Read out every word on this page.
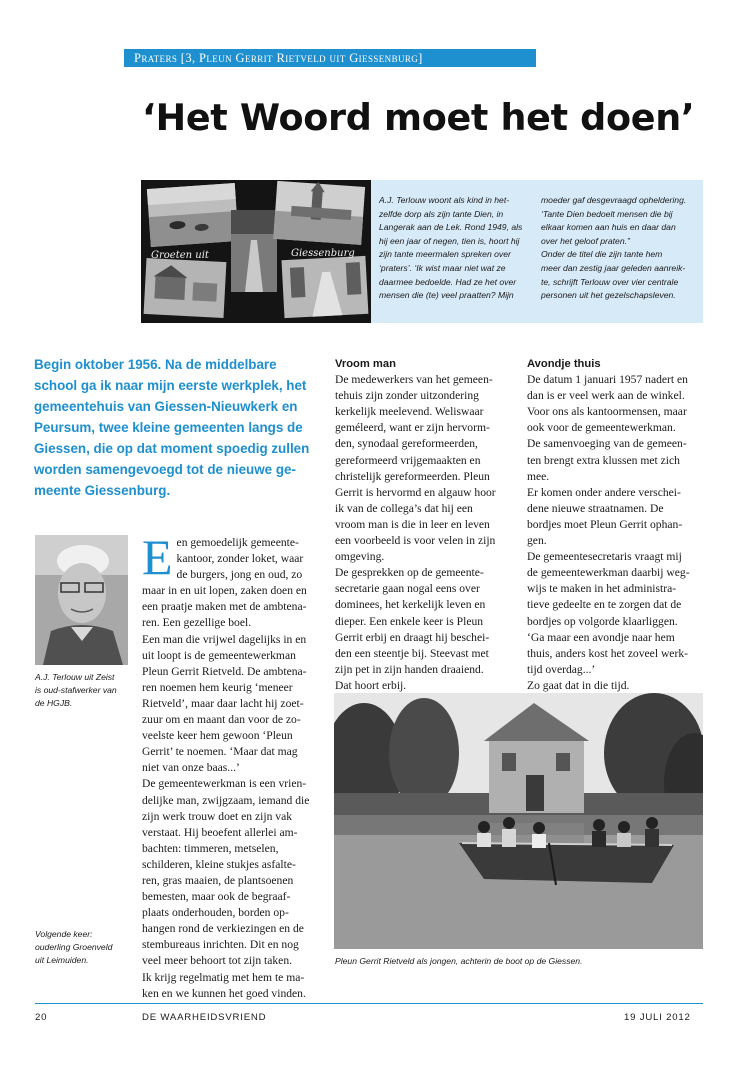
Praters [3, Pleun Gerrit Rietveld uit Giessenburg]
‘Het Woord moet het doen’
Groeten uit	Giessenburg
A.J. Terlouw woont als kind in het-
zelfde dorp als zijn tante Dien, in
Langerak aan de Lek. Rond 1949, als
hij een jaar of negen, tien is, hoort hij
zijn tante meermalen spreken over
‘praters’. ‘Ik wist maar niet wat ze
daarmee bedoelde. Had ze het over
mensen die (te) veel praatten? Mijn
moeder gaf desgevraagd opheldering.
‘Tante Dien bedoelt mensen die bij
elkaar komen aan huis en daar dan
over het geloof praten.”
Onder de titel die zijn tante hem
meer dan zestig jaar geleden aanreik-
te, schrijft Terlouw over vier centrale
personen uit het gezelschapsleven.
Begin oktober 1956. Na de middelbare
school ga ik naar mijn eerste werkplek, het
gemeentehuis van Giessen-Nieuwkerk en
Peursum, twee kleine gemeenten langs de
Giessen, die op dat moment spoedig zullen
worden samengevoegd tot de nieuwe ge-
meente Giessenburg.
A.J. Terlouw uit Zeist
is oud-stafwerker van
de HGJB.
Volgende keer:
ouderling Groenveld
uit Leimuiden.
E en gemoedelijk gemeente-
kantoor, zonder loket, waar
de burgers, jong en oud, zo
maar in en uit lopen, zaken doen en
een praatje maken met de ambtena-
ren. Een gezellige boel.
Een man die vrijwel dagelijks in en
uit loopt is de gemeentewerkman
Pleun Gerrit Rietveld. De ambtena-
ren noemen hem keurig ‘meneer
Rietveld’, maar daar lacht hij zoet-
zuur om en maant dan voor de zo-
veelste keer hem gewoon ‘Pleun
Gerrit’ te noemen. ‘Maar dat mag
niet van onze baas...’
De gemeentewerkman is een vrien-
delijke man, zwijgzaam, iemand die
zijn werk trouw doet en zijn vak
verstaat. Hij beoefent allerlei am-
bachten: timmeren, metselen,
schilderen, kleine stukjes asfalte-
ren, gras maaien, de plantsoenen
bemesten, maar ook de begraaf-
plaats onderhouden, borden op-
hangen rond de verkiezingen en de
stembureaus inrichten. Dit en nog
veel meer behoort tot zijn taken.
Ik krijg regelmatig met hem te ma-
ken en we kunnen het goed vinden.
Vroom man
De medewerkers van het gemeen-
tehuis zijn zonder uitzondering
kerkelijk meelevend. Weliswaar
geméleerd, want er zijn hervorm-
den, synodaal gereformeerden,
gereformeerd vrijgemaakten en
christelijk gereformeerden. Pleun
Gerrit is hervormd en algauw hoor
ik van de collega’s dat hij een
vroom man is die in leer en leven
een voorbeeld is voor velen in zijn
omgeving.
De gesprekken op de gemeente-
secretarie gaan nogal eens over
dominees, het kerkelijk leven en
dieper. Een enkele keer is Pleun
Gerrit erbij en draagt hij beschei-
den een steentje bij. Steevast met
zijn pet in zijn handen draaiend.
Dat hoort erbij.
Avondje thuis
De datum 1 januari 1957 nadert en
dan is er veel werk aan de winkel.
Voor ons als kantoormensen, maar
ook voor de gemeentewerkman.
De samenvoeging van de gemeen-
ten brengt extra klussen met zich
mee.
Er komen onder andere verschei-
dene nieuwe straatnamen. De
bordjes moet Pleun Gerrit ophan-
gen.
De gemeentesecretaris vraagt mij
de gemeentewerkman daarbij weg-
wijs te maken in het administra-
tieve gedeelte en te zorgen dat de
bordjes op volgorde klaarliggen.
‘Ga maar een avondje naar hem
thuis, anders kost het zoveel werk-
tijd overdag...’
Zo gaat dat in die tijd.
Pleun Gerrit Rietveld als jongen, achterin de boot op de Giessen.
20	DE WAARHEIDSVRIEND	19 JULI 2012
